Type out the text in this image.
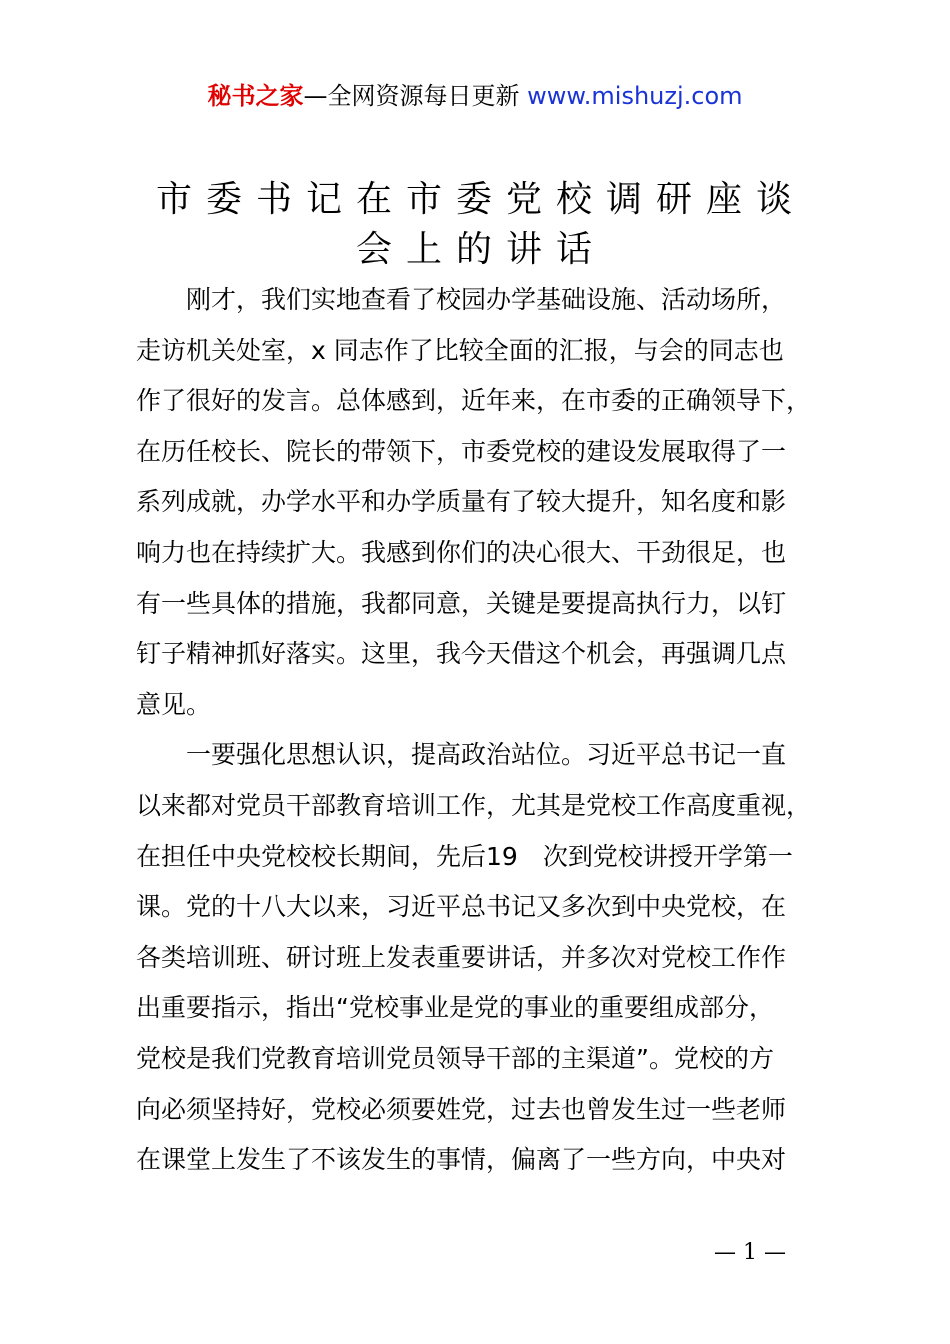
秘书之家—全网资源每日更新 www.mishuzj.com
市委书记在市委党校调研座谈
会上的讲话
　　刚才，我们实地查看了校园办学基础设施、活动场所，
走访机关处室，x 同志作了比较全面的汇报，与会的同志也
作了很好的发言。总体感到，近年来，在市委的正确领导下，
在历任校长、院长的带领下，市委党校的建设发展取得了一
系列成就，办学水平和办学质量有了较大提升，知名度和影
响力也在持续扩大。我感到你们的决心很大、干劲很足，也
有一些具体的措施，我都同意，关键是要提高执行力，以钉
钉子精神抓好落实。这里，我今天借这个机会，再强调几点
意见。
　　一要强化思想认识，提高政治站位。习近平总书记一直
以来都对党员干部教育培训工作，尤其是党校工作高度重视，
在担任中央党校校长期间，先后19　次到党校讲授开学第一
课。党的十八大以来，习近平总书记又多次到中央党校，在
各类培训班、研讨班上发表重要讲话，并多次对党校工作作
出重要指示，指出“党校事业是党的事业的重要组成部分，
党校是我们党教育培训党员领导干部的主渠道”。党校的方
向必须坚持好，党校必须要姓党，过去也曾发生过一些老师
在课堂上发生了不该发生的事情，偏离了一些方向，中央对
— 1 —
